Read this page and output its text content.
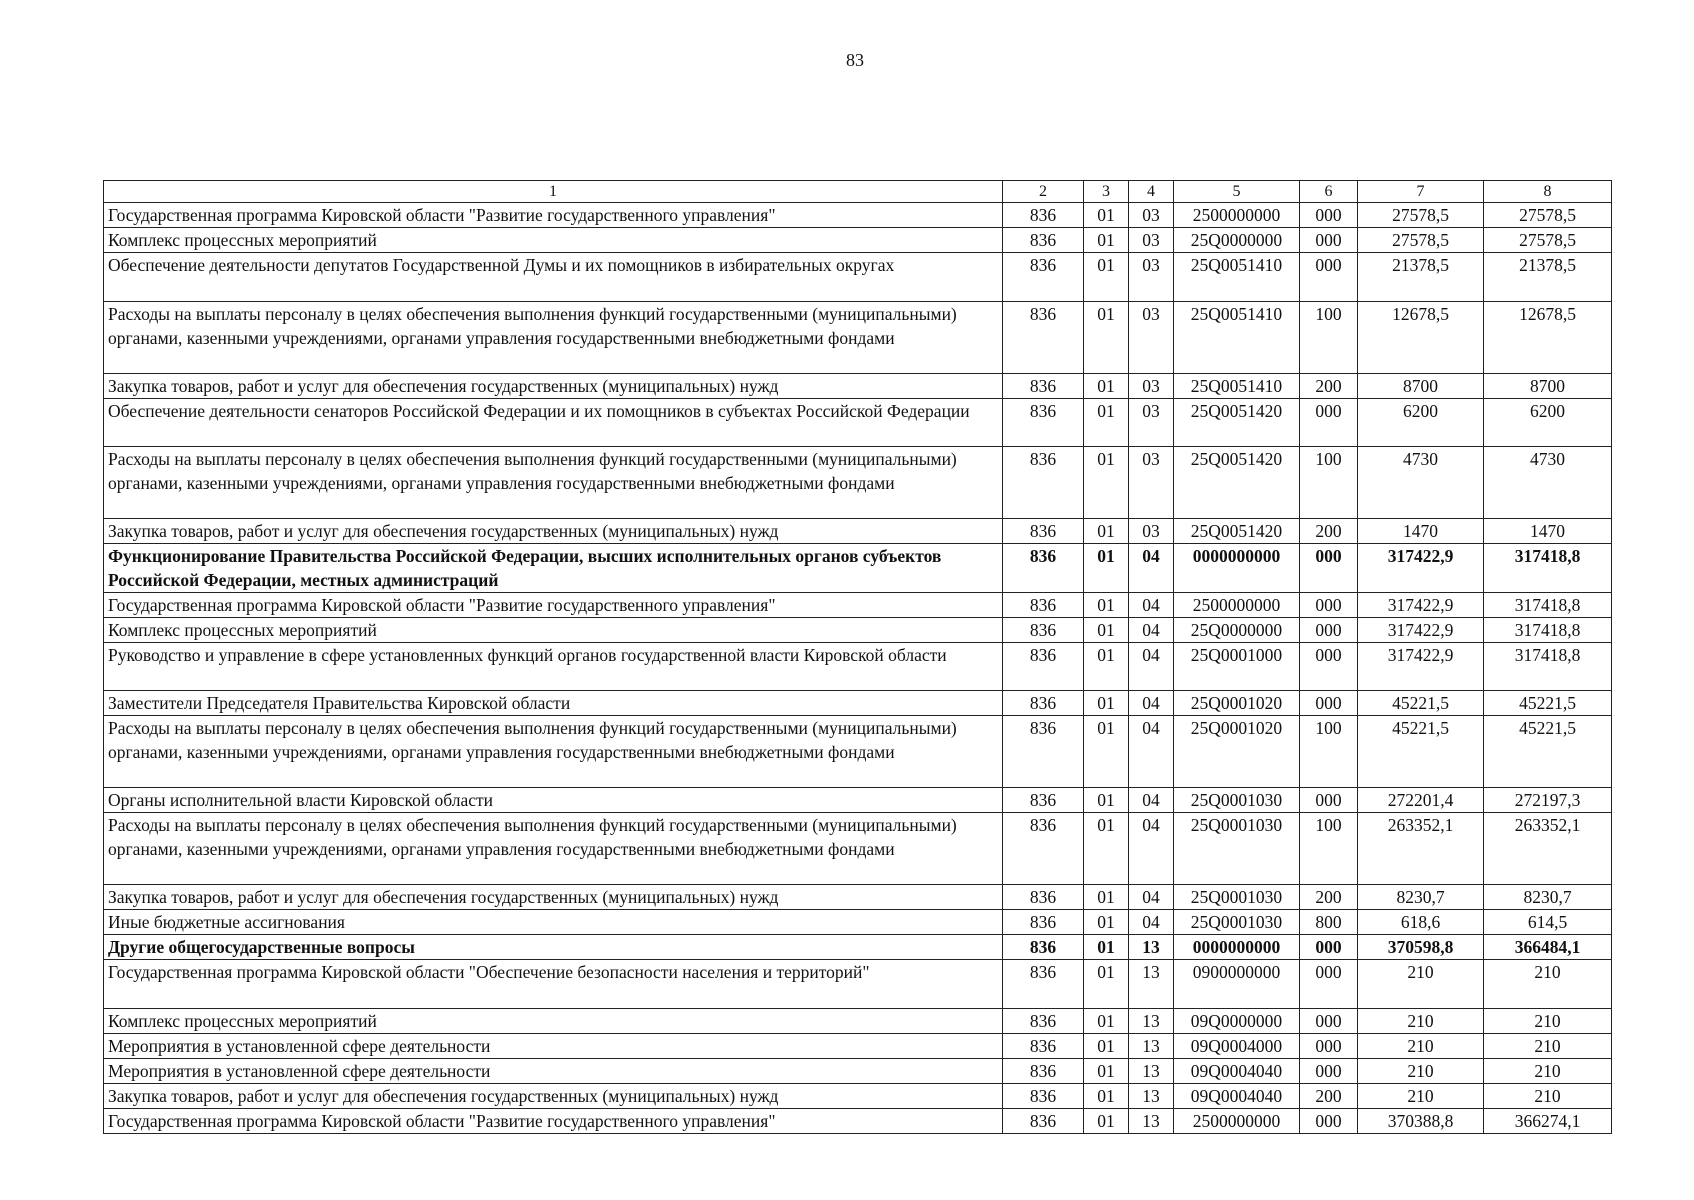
83
1	2	3	4	5	6	7	8
Государственная программа Кировской области "Развитие государственного управления"	836	01	03	2500000000	000	27578,5	27578,5
Комплекс процессных мероприятий	836	01	03	25Q0000000	000	27578,5	27578,5
Обеспечение деятельности депутатов Государственной Думы и их помощников в избирательных округах	836	01	03	25Q0051410	000	21378,5	21378,5
Расходы на выплаты персоналу в целях обеспечения выполнения функций государственными (муниципальными) органами, казенными учреждениями, органами управления государственными внебюджетными фондами	836	01	03	25Q0051410	100	12678,5	12678,5
Закупка товаров, работ и услуг для обеспечения государственных (муниципальных) нужд	836	01	03	25Q0051410	200	8700	8700
Обеспечение деятельности сенаторов Российской Федерации и их помощников в субъектах Российской Федерации	836	01	03	25Q0051420	000	6200	6200
Расходы на выплаты персоналу в целях обеспечения выполнения функций государственными (муниципальными) органами, казенными учреждениями, органами управления государственными внебюджетными фондами	836	01	03	25Q0051420	100	4730	4730
Закупка товаров, работ и услуг для обеспечения государственных (муниципальных) нужд	836	01	03	25Q0051420	200	1470	1470
Функционирование Правительства Российской Федерации, высших исполнительных органов субъектов Российской Федерации, местных администраций	836	01	04	0000000000	000	317422,9	317418,8
Государственная программа Кировской области "Развитие государственного управления"	836	01	04	2500000000	000	317422,9	317418,8
Комплекс процессных мероприятий	836	01	04	25Q0000000	000	317422,9	317418,8
Руководство и управление в сфере установленных функций органов государственной власти Кировской области	836	01	04	25Q0001000	000	317422,9	317418,8
Заместители Председателя Правительства Кировской области	836	01	04	25Q0001020	000	45221,5	45221,5
Расходы на выплаты персоналу в целях обеспечения выполнения функций государственными (муниципальными) органами, казенными учреждениями, органами управления государственными внебюджетными фондами	836	01	04	25Q0001020	100	45221,5	45221,5
Органы исполнительной власти Кировской области	836	01	04	25Q0001030	000	272201,4	272197,3
Расходы на выплаты персоналу в целях обеспечения выполнения функций государственными (муниципальными) органами, казенными учреждениями, органами управления государственными внебюджетными фондами	836	01	04	25Q0001030	100	263352,1	263352,1
Закупка товаров, работ и услуг для обеспечения государственных (муниципальных) нужд	836	01	04	25Q0001030	200	8230,7	8230,7
Иные бюджетные ассигнования	836	01	04	25Q0001030	800	618,6	614,5
Другие общегосударственные вопросы	836	01	13	0000000000	000	370598,8	366484,1
Государственная программа Кировской области "Обеспечение безопасности населения и территорий"	836	01	13	0900000000	000	210	210
Комплекс процессных мероприятий	836	01	13	09Q0000000	000	210	210
Мероприятия в установленной сфере деятельности	836	01	13	09Q0004000	000	210	210
Мероприятия в установленной сфере деятельности	836	01	13	09Q0004040	000	210	210
Закупка товаров, работ и услуг для обеспечения государственных (муниципальных) нужд	836	01	13	09Q0004040	200	210	210
Государственная программа Кировской области "Развитие государственного управления"	836	01	13	2500000000	000	370388,8	366274,1
